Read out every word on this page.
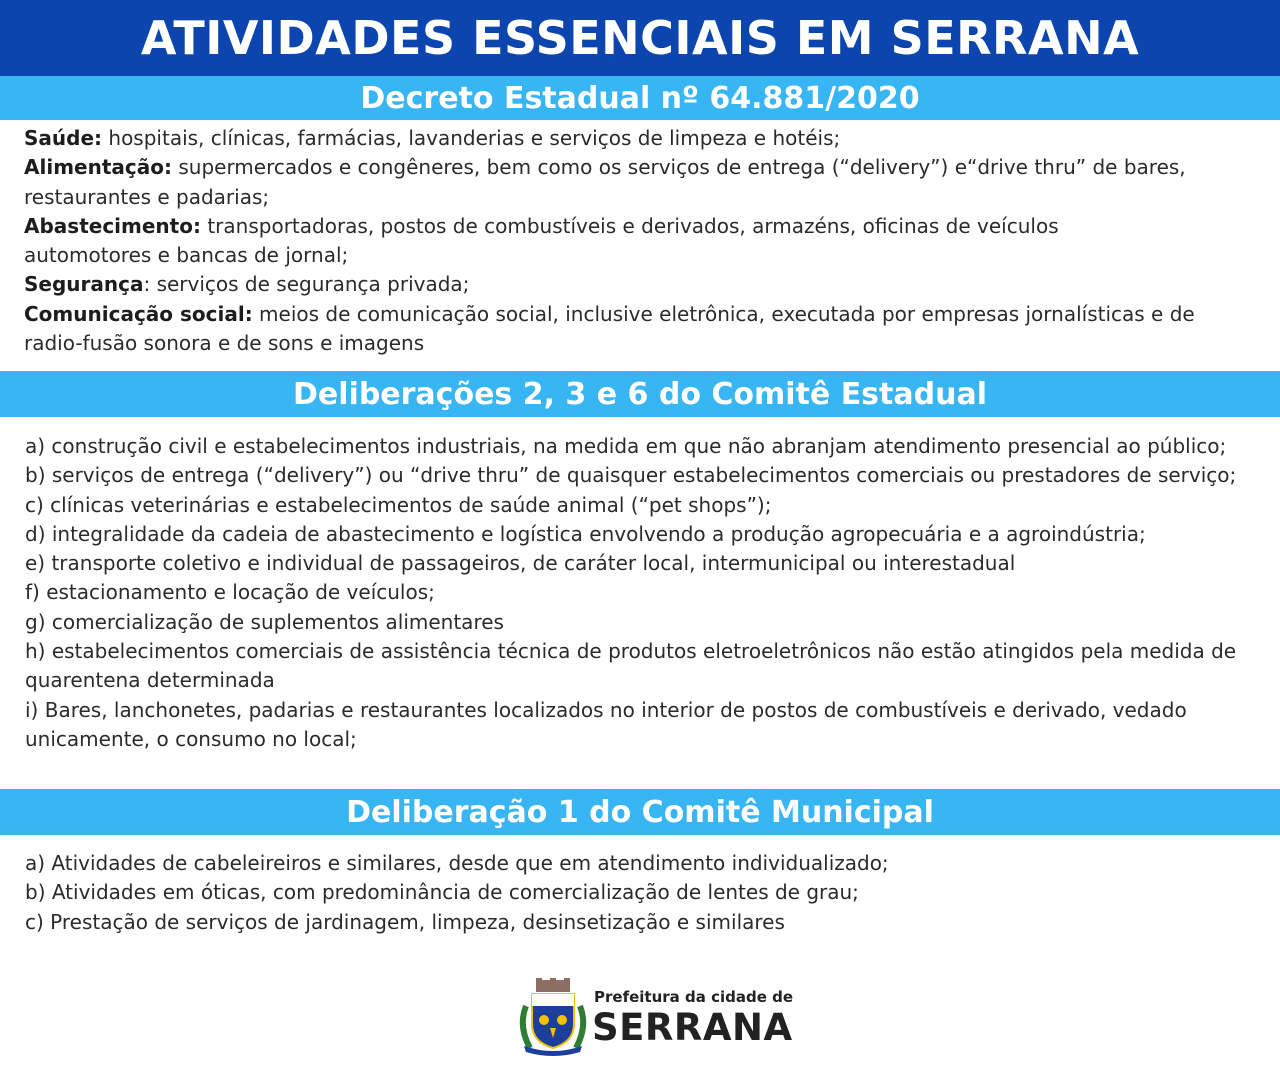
ATIVIDADES ESSENCIAIS EM SERRANA
Decreto Estadual nº 64.881/2020

Saúde: hospitais, clínicas, farmácias, lavanderias e serviços de limpeza e hotéis;

Alimentação: supermercados e congêneres, bem como os serviços de entrega (“delivery”) e“drive thru” de bares, restaurantes e padarias;

Abastecimento: transportadoras, postos de combustíveis e derivados, armazéns, oficinas de veículos automotores e bancas de jornal;

Segurança: serviços de segurança privada;

Comunicação social: meios de comunicação social, inclusive eletrônica, executada por empresas jornalísticas e de radio-fusão sonora e de sons e imagens

Deliberações 2, 3 e 6 do Comitê Estadual

a) construção civil e estabelecimentos industriais, na medida em que não abranjam atendimento presencial ao público;

b) serviços de entrega (“delivery”) ou “drive thru” de quaisquer estabelecimentos comerciais ou prestadores de serviço;

c) clínicas veterinárias e estabelecimentos de saúde animal (“pet shops”);

d) integralidade da cadeia de abastecimento e logística envolvendo a produção agropecuária e a agroindústria;

e) transporte coletivo e individual de passageiros, de caráter local, intermunicipal ou interestadual

f) estacionamento e locação de veículos;

g) comercialização de suplementos alimentares

h) estabelecimentos comerciais de assistência técnica de produtos eletroeletrônicos não estão atingidos pela medida de quarentena determinada

i) Bares, lanchonetes, padarias e restaurantes localizados no interior de postos de combustíveis e derivado, vedado unicamente, o consumo no local;

Deliberação 1 do Comitê Municipal

a) Atividades de cabeleireiros e similares, desde que em atendimento individualizado;

b) Atividades em óticas, com predominância de comercialização de lentes de grau;

c) Prestação de serviços de jardinagem, limpeza, desinsetização e similares

Prefeitura da cidade de
SERRANA
